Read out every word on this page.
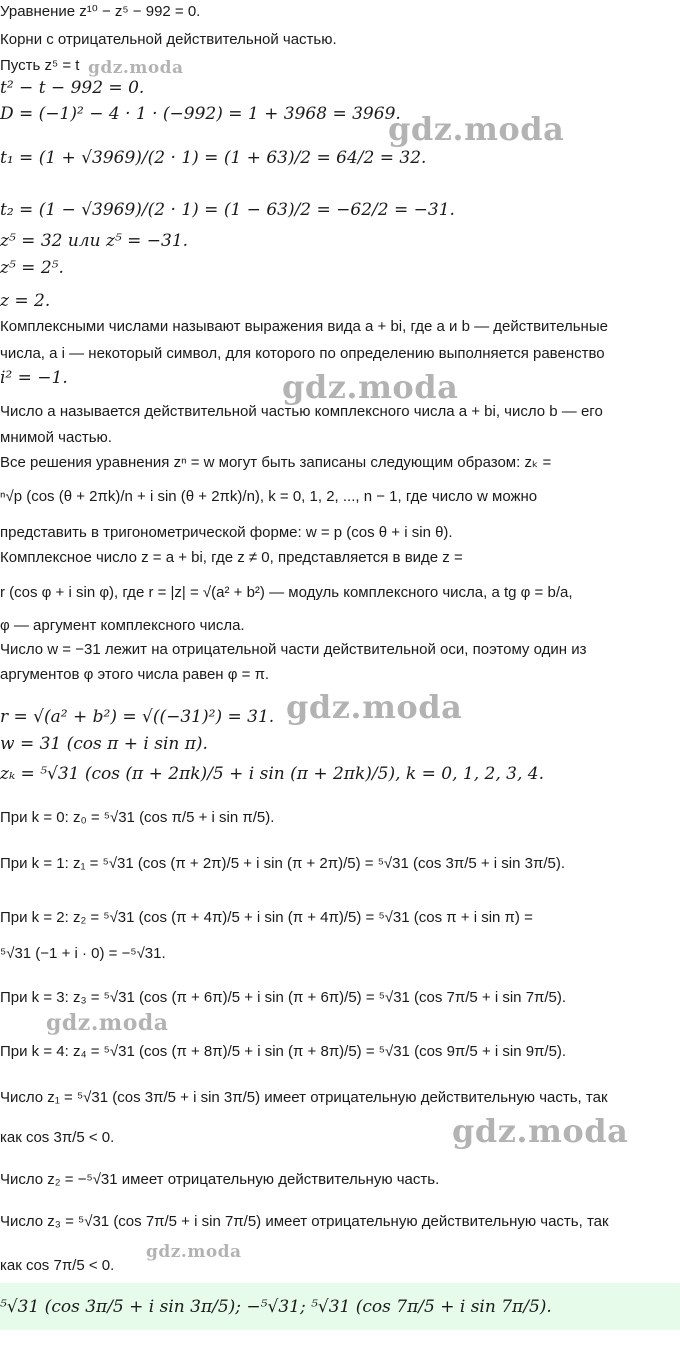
Уравнение z¹⁰ − z⁵ − 992 = 0.
Корни с отрицательной действительной частью.
Пусть z⁵ = t
t² − t − 992 = 0.
D = (−1)² − 4 · 1 · (−992) = 1 + 3968 = 3969.
t₁ = (1 + √3969)/(2 · 1) = (1 + 63)/2 = 64/2 = 32.
t₂ = (1 − √3969)/(2 · 1) = (1 − 63)/2 = −62/2 = −31.
z⁵ = 32 или z⁵ = −31.
z⁵ = 2⁵.
z = 2.
Комплексными числами называют выражения вида a + bi, где a и b — действительные
числа, а i — некоторый символ, для которого по определению выполняется равенство
i² = −1.
Число a называется действительной частью комплексного числа a + bi, число b — его
мнимой частью.
Все решения уравнения zⁿ = w могут быть записаны следующим образом: zₖ =
ⁿ√p (cos (θ + 2πk)/n + i sin (θ + 2πk)/n), k = 0, 1, 2, ..., n − 1, где число w можно
представить в тригонометрической форме: w = p (cos θ + i sin θ).
Комплексное число z = a + bi, где z ≠ 0, представляется в виде z =
r (cos φ + i sin φ), где r = |z| = √(a² + b²) — модуль комплексного числа, а tg φ = b/a,
φ — аргумент комплексного числа.
Число w = −31 лежит на отрицательной части действительной оси, поэтому один из
аргументов φ этого числа равен φ = π.
r = √(a² + b²) = √((−31)²) = 31.
w = 31 (cos π + i sin π).
zₖ = ⁵√31 (cos (π + 2πk)/5 + i sin (π + 2πk)/5), k = 0, 1, 2, 3, 4.
При k = 0: z₀ = ⁵√31 (cos π/5 + i sin π/5).
При k = 1: z₁ = ⁵√31 (cos (π + 2π)/5 + i sin (π + 2π)/5) = ⁵√31 (cos 3π/5 + i sin 3π/5).
При k = 2: z₂ = ⁵√31 (cos (π + 4π)/5 + i sin (π + 4π)/5) = ⁵√31 (cos π + i sin π) =
⁵√31 (−1 + i · 0) = −⁵√31.
При k = 3: z₃ = ⁵√31 (cos (π + 6π)/5 + i sin (π + 6π)/5) = ⁵√31 (cos 7π/5 + i sin 7π/5).
При k = 4: z₄ = ⁵√31 (cos (π + 8π)/5 + i sin (π + 8π)/5) = ⁵√31 (cos 9π/5 + i sin 9π/5).
Число z₁ = ⁵√31 (cos 3π/5 + i sin 3π/5) имеет отрицательную действительную часть, так
как cos 3π/5 < 0.
Число z₂ = −⁵√31 имеет отрицательную действительную часть.
Число z₃ = ⁵√31 (cos 7π/5 + i sin 7π/5) имеет отрицательную действительную часть, так
как cos 7π/5 < 0.
⁵√31 (cos 3π/5 + i sin 3π/5); −⁵√31; ⁵√31 (cos 7π/5 + i sin 7π/5).
gdz.moda
gdz.moda
gdz.moda
gdz.moda
gdz.moda
gdz.moda
gdz.moda
